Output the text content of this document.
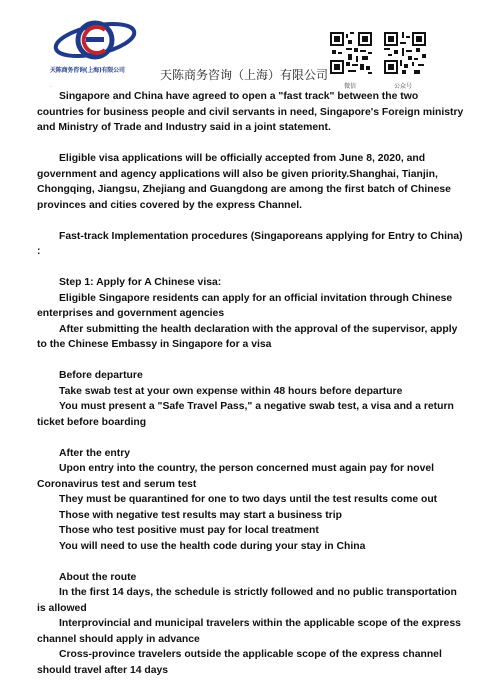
天陈商务咨询(上海)有限公司
·
天陈商务咨询（上海）有限公司
微信	公众号

Singapore and China have agreed to open a "fast track" between the two countries for business people and civil servants in need, Singapore's Foreign ministry and Ministry of Trade and Industry said in a joint statement.

Eligible visa applications will be officially accepted from June 8, 2020, and government and agency applications will also be given priority.Shanghai, Tianjin, Chongqing, Jiangsu, Zhejiang and Guangdong are among the first batch of Chinese provinces and cities covered by the express Channel.

Fast-track Implementation procedures (Singaporeans applying for Entry to China) :

Step 1: Apply for A Chinese visa:

Eligible Singapore residents can apply for an official invitation through Chinese enterprises and government agencies

After submitting the health declaration with the approval of the supervisor, apply to the Chinese Embassy in Singapore for a visa

Before departure

Take swab test at your own expense within 48 hours before departure

You must present a "Safe Travel Pass," a negative swab test, a visa and a return ticket before boarding

After the entry

Upon entry into the country, the person concerned must again pay for novel Coronavirus test and serum test

They must be quarantined for one to two days until the test results come out

Those with negative test results may start a business trip

Those who test positive must pay for local treatment

You will need to use the health code during your stay in China

About the route

In the first 14 days, the schedule is strictly followed and no public transportation is allowed

Interprovincial and municipal travelers within the applicable scope of the express channel should apply in advance

Cross-province travelers outside the applicable scope of the express channel should travel after 14 days
